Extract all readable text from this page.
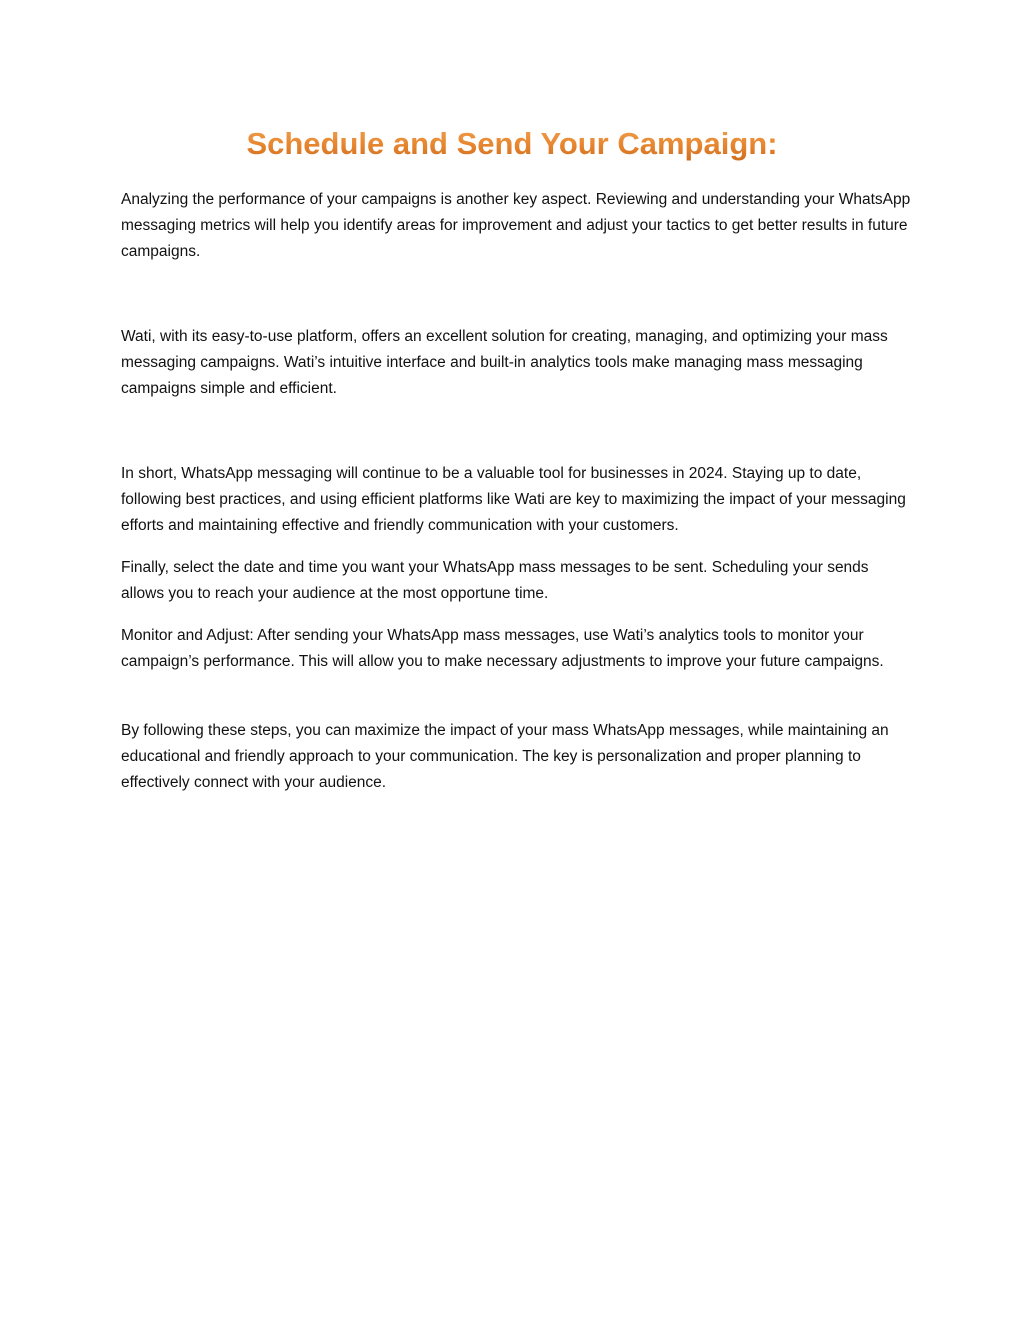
Schedule and Send Your Campaign:

Analyzing the performance of your campaigns is another key aspect. Reviewing and understanding your WhatsApp messaging metrics will help you identify areas for improvement and adjust your tactics to get better results in future campaigns.

Wati, with its easy-to-use platform, offers an excellent solution for creating, managing, and optimizing your mass messaging campaigns. Wati’s intuitive interface and built-in analytics tools make managing mass messaging campaigns simple and efficient.

In short, WhatsApp messaging will continue to be a valuable tool for businesses in 2024. Staying up to date, following best practices, and using efficient platforms like Wati are key to maximizing the impact of your messaging efforts and maintaining effective and friendly communication with your customers.

Finally, select the date and time you want your WhatsApp mass messages to be sent. Scheduling your sends allows you to reach your audience at the most opportune time.

Monitor and Adjust: After sending your WhatsApp mass messages, use Wati’s analytics tools to monitor your campaign’s performance. This will allow you to make necessary adjustments to improve your future campaigns.

By following these steps, you can maximize the impact of your mass WhatsApp messages, while maintaining an educational and friendly approach to your communication. The key is personalization and proper planning to effectively connect with your audience.
